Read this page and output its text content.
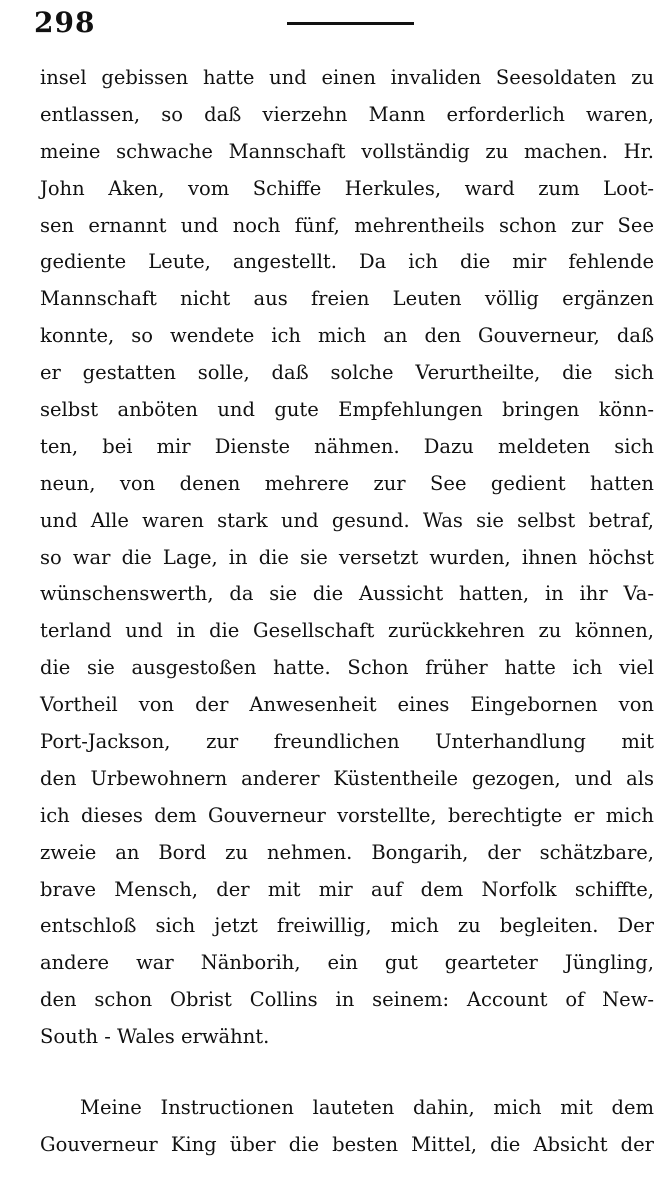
298
insel gebissen hatte und einen invaliden Seesoldaten zu
entlassen, so daß vierzehn Mann erforderlich waren,
meine schwache Mannschaft vollständig zu machen. Hr.
John Aken, vom Schiffe Herkules, ward zum Loot-
sen ernannt und noch fünf, mehrentheils schon zur See
gediente Leute, angestellt. Da ich die mir fehlende
Mannschaft nicht aus freien Leuten völlig ergänzen
konnte, so wendete ich mich an den Gouverneur, daß
er gestatten solle, daß solche Verurtheilte, die sich
selbst anböten und gute Empfehlungen bringen könn-
ten, bei mir Dienste nähmen. Dazu meldeten sich
neun, von denen mehrere zur See gedient hatten
und Alle waren stark und gesund. Was sie selbst betraf,
so war die Lage, in die sie versetzt wurden, ihnen höchst
wünschenswerth, da sie die Aussicht hatten, in ihr Va-
terland und in die Gesellschaft zurückkehren zu können,
die sie ausgestoßen hatte. Schon früher hatte ich viel
Vortheil von der Anwesenheit eines Eingebornen von
Port-Jackson, zur freundlichen Unterhandlung mit
den Urbewohnern anderer Küstentheile gezogen, und als
ich dieses dem Gouverneur vorstellte, berechtigte er mich
zweie an Bord zu nehmen. Bongarih, der schätzbare,
brave Mensch, der mit mir auf dem Norfolk schiffte,
entschloß sich jetzt freiwillig, mich zu begleiten. Der
andere war Nänborih, ein gut gearteter Jüngling,
den schon Obrist Collins in seinem: Account of New-
South - Wales erwähnt.
Meine Instructionen lauteten dahin, mich mit dem
Gouverneur King über die besten Mittel, die Absicht der
